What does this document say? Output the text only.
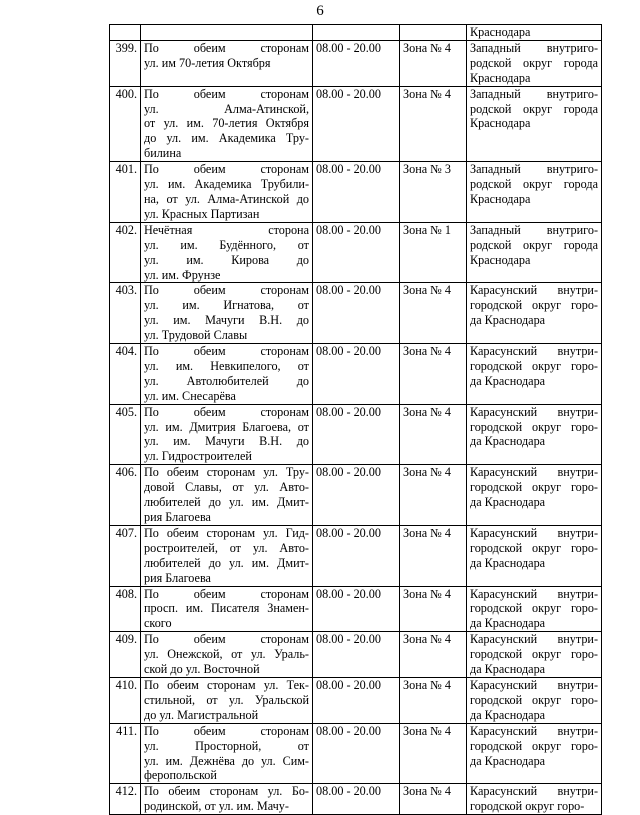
6

				Краснодара

399.	По обеим сторонам
ул. им 70-летия Октября	08.00 - 20.00	Зона № 4	Западный внутриго-
родской округ города
Краснодара

400.	По обеим сторонам
ул. Алма-Атинской,
от ул. им. 70-летия Октября
до ул. им. Академика Тру-
билина	08.00 - 20.00	Зона № 4	Западный внутриго-
родской округ города
Краснодара

401.	По обеим сторонам
ул. им. Академика Трубили-
на, от ул. Алма-Атинской до
ул. Красных Партизан	08.00 - 20.00	Зона № 3	Западный внутриго-
родской округ города
Краснодара

402.	Нечётная сторона
ул. им. Будённого, от
ул. им. Кирова до
ул. им. Фрунзе	08.00 - 20.00	Зона № 1	Западный внутриго-
родской округ города
Краснодара

403.	По обеим сторонам
ул. им. Игнатова, от
ул. им. Мачуги В.Н. до
ул. Трудовой Славы	08.00 - 20.00	Зона № 4	Карасунский внутри-
городской округ горо-
да Краснодара

404.	По обеим сторонам
ул. им. Невкипелого, от
ул. Автолюбителей до
ул. им. Снесарёва	08.00 - 20.00	Зона № 4	Карасунский внутри-
городской округ горо-
да Краснодара

405.	По обеим сторонам
ул. им. Дмитрия Благоева, от
ул. им. Мачуги В.Н. до
ул. Гидростроителей	08.00 - 20.00	Зона № 4	Карасунский внутри-
городской округ горо-
да Краснодара

406.	По обеим сторонам ул. Тру-
довой Славы, от ул. Авто-
любителей до ул. им. Дмит-
рия Благоева	08.00 - 20.00	Зона № 4	Карасунский внутри-
городской округ горо-
да Краснодара

407.	По обеим сторонам ул. Гид-
ростроителей, от ул. Авто-
любителей до ул. им. Дмит-
рия Благоева	08.00 - 20.00	Зона № 4	Карасунский внутри-
городской округ горо-
да Краснодара

408.	По обеим сторонам
просп. им. Писателя Знамен-
ского	08.00 - 20.00	Зона № 4	Карасунский внутри-
городской округ горо-
да Краснодара

409.	По обеим сторонам
ул. Онежской, от ул. Ураль-
ской до ул. Восточной	08.00 - 20.00	Зона № 4	Карасунский внутри-
городской округ горо-
да Краснодара

410.	По обеим сторонам ул. Тек-
стильной, от ул. Уральской
до ул. Магистральной	08.00 - 20.00	Зона № 4	Карасунский внутри-
городской округ горо-
да Краснодара

411.	По обеим сторонам
ул. Просторной, от
ул. им. Дежнёва до ул. Сим-
феропольской	08.00 - 20.00	Зона № 4	Карасунский внутри-
городской округ горо-
да Краснодара

412.	По обеим сторонам ул. Бо-
родинской, от ул. им. Мачу-	08.00 - 20.00	Зона № 4	Карасунский внутри-
городской округ горо-
